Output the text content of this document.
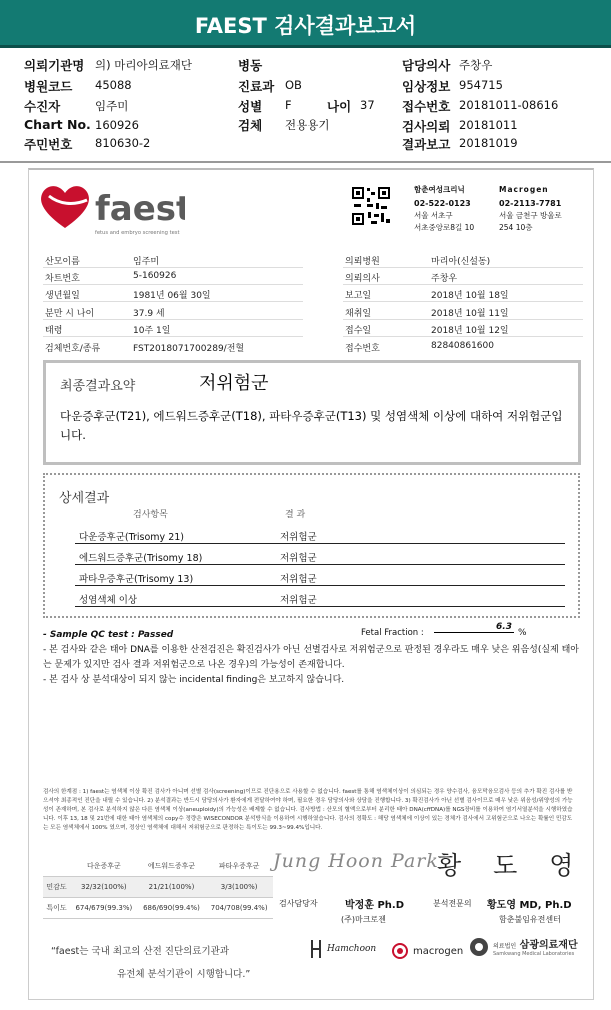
FAEST 검사결과보고서
의뢰기관명 의) 마리아의료재단
병원코드 45088
수진자	임주미
Chart No. 160926
주민번호 810630-2
병동
진료과 OB
성별 F	나이 37
검체 전용용기
담당의사 주창우
임상정보 954715
접수번호 20181011-08616
검사의뢰 20181011
결과보고 20181019
faest
fetus and embryo screening test
함춘여성크리닉
02-522-0123
서울 서초구
서초중앙로8길 10
Macrogen
02-2113-7781
서울 금천구 방울로
254 10층
산모이름	임주미
차트번호	5-160926
생년월일	1981년 06월 30일
분만 시 나이	37.9 세
태령	10주 1일
검체번호/종류	FST2018071700289/전혈
의뢰병원	마리아(신설동)
의뢰의사	주창우
보고일	2018년 10월 18일
채취일	2018년 10월 11일
접수일	2018년 10월 12일
접수번호	82840861600
최종결과요약	저위험군
다운증후군(T21), 에드워드증후군(T18), 파타우증후군(T13) 및 성염색체 이상에 대하여 저위험군입니다.
상세결과
검사항목	결 과
다운증후군(Trisomy 21)	저위험군
에드워드증후군(Trisomy 18)	저위험군
파타우증후군(Trisomy 13)	저위험군
성염색체 이상	저위험군
- Sample QC test : Passed
- 본 검사와 같은 태아 DNA를 이용한 산전검진은 확진검사가 아닌 선별검사로 저위험군으로 판정된 경우라도 매우 낮은 위음성(실제 태아는 문제가 있지만 검사 결과 저위험군으로 나온 경우)의 가능성이 존재합니다.
- 본 검사 상 분석대상이 되지 않는 incidental finding은 보고하지 않습니다.
Fetal Fraction :
6.3
%
검사의 한계점 : 1) faest는 염색체 이상 확진 검사가 아니며 선별 검사(screening)이므로 진단용으로 사용할 수 없습니다. faest를 통해 염색체이상이 의심되는 경우 양수검사, 융모막융모검사 등의 추가 확진 검사를 받으셔야 최종적인 진단을 내릴 수 있습니다. 2) 분석결과는 반드시 담당의사가 환자에게 전달하여야 하며, 필요한 경우 담당의사와 상담을 진행합니다. 3) 확진검사가 아닌 선별 검사이므로 매우 낮은 위음성/위양성의 가능성이 존재하며, 본 검사로 분석하지 않은 다른 염색체 이상(aneuploidy)의 가능성은 배제할 수 없습니다. 검사방법 : 산모의 혈액으로부터 분리한 태아 DNA(cffDNA)를 NGS장비를 이용하여 염기서열분석을 시행하였습니다. 이후 13, 18 및 21번에 대한 태아 염색체의 copy수 정량은 WISECONDOR 분석방식을 이용하여 시행하였습니다. 검사의 정확도 : 해당 염색체에 이상이 있는 경체가 검사에서 고위험군으로 나오는 확률인 민감도는 모든 염색체에서 100% 였으며, 정상인 염색체에 대해서 저위험군으로 판정하는 특이도는 99.3~99.4%입니다.
	다운증후군	에드워드증후군	파타우증후군
민감도	32/32(100%)	21/21(100%)	3/3(100%)
특이도	674/679(99.3%)	686/690(99.4%)	704/708(99.4%)
Jung Hoon Park
황 도 영
검사담당자	박정훈 Ph.D
(주)마크로젠
분석전문의 황도영 MD, Ph.D
함춘불임유전센터
“faest는 국내 최고의 산전 진단의료기관과
유전체 분석기관이 시행합니다.”
Hamchoon	macrogen	의료법인 삼광의료재단
Samkwang Medical Laboratories
